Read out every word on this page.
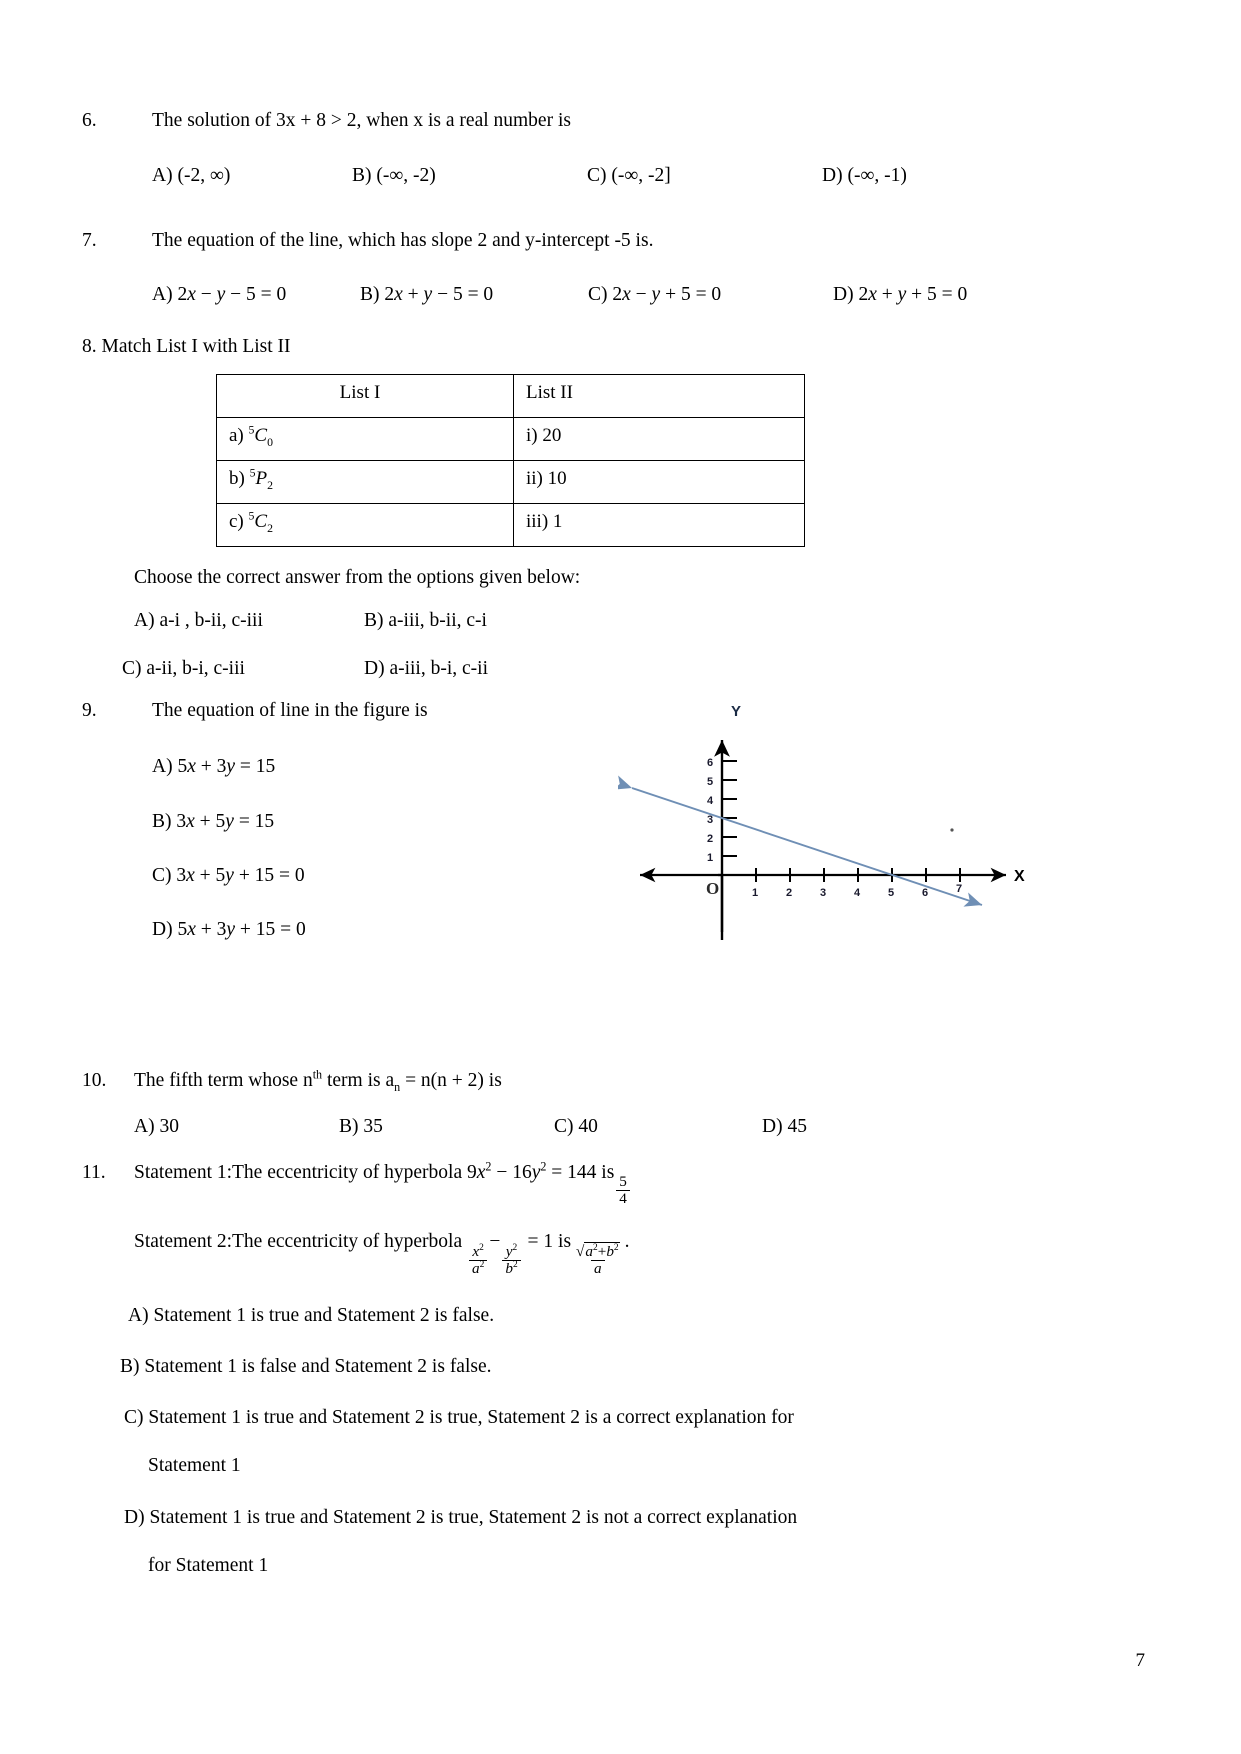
6.	The solution of 3x + 8 > 2, when x is a real number is
A) (-2, ∞)	B) (-∞, -2)	C) (-∞, -2]	D) (-∞, -1)
7.	The equation of the line, which has slope 2 and y-intercept -5 is.
A) 2x − y − 5 = 0	B) 2x + y − 5 = 0	C) 2x − y + 5 = 0	D) 2x + y + 5 = 0
8. Match List I with List II
List I	List II
a) $^5C_0$	i) 20
b) $^5P_2$	ii) 10
c) $^5C_2$	iii) 1
Choose the correct answer from the options given below:
A) a-i , b-ii, c-iii	B) a-iii, b-ii, c-i
C) a-ii, b-i, c-iii	D) a-iii, b-i, c-ii
9.	The equation of line in the figure is
A) 5x + 3y = 15
B) 3x + 5y = 15
C) 3x + 5y + 15 = 0
D) 5x + 3y + 15 = 0
Y
X
O
1
2
3
4
5
6
1	2	3	4	5	6	7
10.	The fifth term whose $n^{th}$ term is $a_n = n(n + 2)$ is
A) 30	B) 35	C) 40	D) 45
11.	Statement 1:The eccentricity of hyperbola $9x^2 - 16y^2 = 144$ is
$\frac{5}{4}$
Statement 2:The eccentricity of hyperbola
$\frac{x^2}{a^2}$
−
$\frac{y^2}{b^2}$
= 1 is
$\frac{√a^2+b^2}{a}$
.
A) Statement 1 is true and Statement 2 is false.
B) Statement 1 is false and Statement 2 is false.
C) Statement 1 is true and Statement 2 is true, Statement 2 is a correct explanation for
Statement 1
D) Statement 1 is true and Statement 2 is true, Statement 2 is not a correct explanation
for Statement 1
7
